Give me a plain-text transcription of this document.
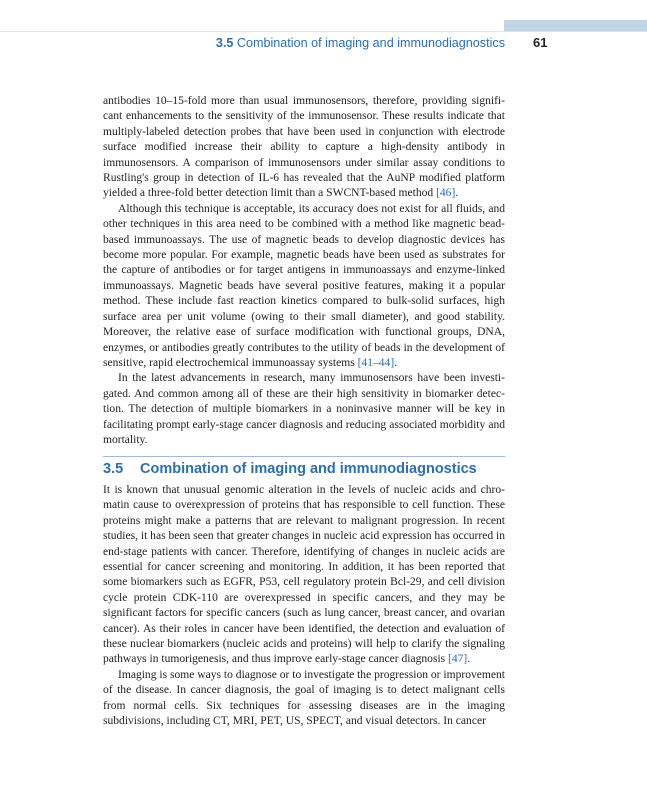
3.5 Combination of imaging and immunodiagnostics 61

antibodies 10–15-fold more than usual immunosensors, therefore, providing significant enhancements to the sensitivity of the immunosensor. These results indicate that multiply-labeled detection probes that have been used in conjunction with electrode surface modified increase their ability to capture a high-density antibody in immunosensors. A comparison of immunosensors under similar assay conditions to Rustling's group in detection of IL-6 has revealed that the AuNP modified platform yielded a three-fold better detection limit than a SWCNT-based method [46].

Although this technique is acceptable, its accuracy does not exist for all fluids, and other techniques in this area need to be combined with a method like magnetic bead-based immunoassays. The use of magnetic beads to develop diagnostic devices has become more popular. For example, magnetic beads have been used as substrates for the capture of antibodies or for target antigens in immunoassays and enzyme-linked immunoassays. Magnetic beads have several positive features, making it a popular method. These include fast reaction kinetics compared to bulk-solid surfaces, high surface area per unit volume (owing to their small diameter), and good stability. Moreover, the relative ease of surface modification with functional groups, DNA, enzymes, or antibodies greatly contributes to the utility of beads in the development of sensitive, rapid electrochemical immunoassay systems [41–44].

In the latest advancements in research, many immunosensors have been investigated. And common among all of these are their high sensitivity in biomarker detection. The detection of multiple biomarkers in a noninvasive manner will be key in facilitating prompt early-stage cancer diagnosis and reducing associated morbidity and mortality.

3.5 Combination of imaging and immunodiagnostics

It is known that unusual genomic alteration in the levels of nucleic acids and chromatin cause to overexpression of proteins that has responsible to cell function. These proteins might make a patterns that are relevant to malignant progression. In recent studies, it has been seen that greater changes in nucleic acid expression has occurred in end-stage patients with cancer. Therefore, identifying of changes in nucleic acids are essential for cancer screening and monitoring. In addition, it has been reported that some biomarkers such as EGFR, P53, cell regulatory protein Bcl-29, and cell division cycle protein CDK-110 are overexpressed in specific cancers, and they may be significant factors for specific cancers (such as lung cancer, breast cancer, and ovarian cancer). As their roles in cancer have been identified, the detection and evaluation of these nuclear biomarkers (nucleic acids and proteins) will help to clarify the signaling pathways in tumorigenesis, and thus improve early-stage cancer diagnosis [47].

Imaging is some ways to diagnose or to investigate the progression or improvement of the disease. In cancer diagnosis, the goal of imaging is to detect malignant cells from normal cells. Six techniques for assessing diseases are in the imaging subdivisions, including CT, MRI, PET, US, SPECT, and visual detectors. In cancer
